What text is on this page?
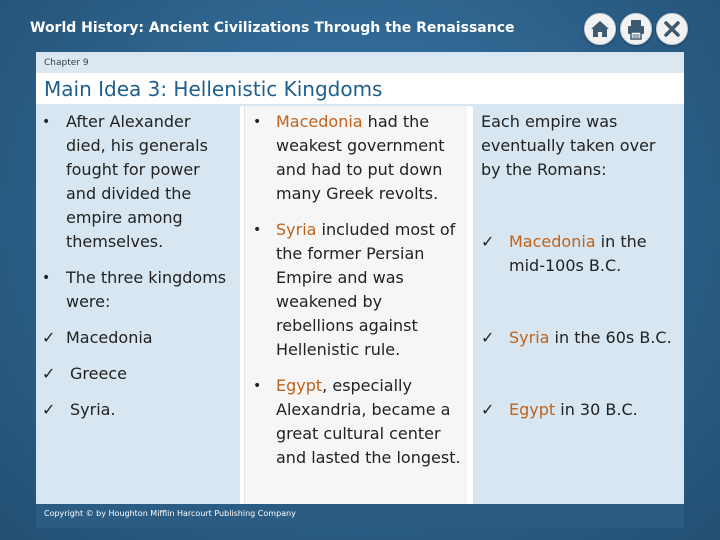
World History: Ancient Civilizations Through the Renaissance
Chapter 9
Main Idea 3: Hellenistic Kingdoms
• After Alexander died, his generals fought for power and divided the empire among themselves.
• The three kingdoms were:
✓ Macedonia
✓ Greece
✓ Syria.
• Macedonia had the weakest government and had to put down many Greek revolts.
• Syria included most of the former Persian Empire and was weakened by rebellions against Hellenistic rule.
• Egypt, especially Alexandria, became a great cultural center and lasted the longest.
Each empire was eventually taken over by the Romans:
✓ Macedonia in the mid-100s B.C.
✓ Syria in the 60s B.C.
✓ Egypt in 30 B.C.
Copyright © by Houghton Mifflin Harcourt Publishing Company
